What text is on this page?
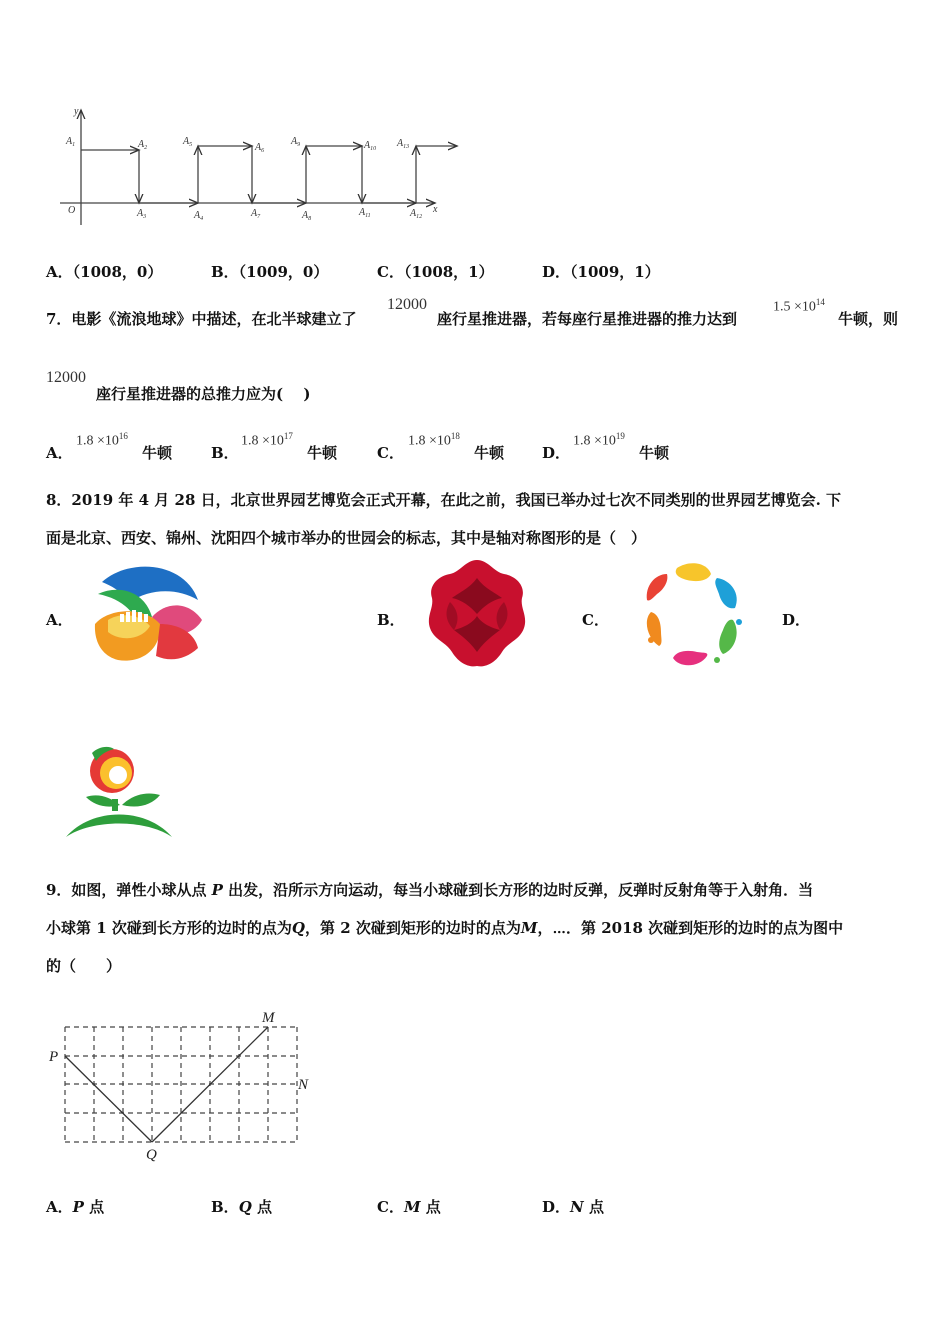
y
x
O
$A_1$	$A_2$
$A_3$	$A_4$
$A_5$	$A_6$
$A_7$	$A_8$
$A_9$	$A_{10}$
$A_{11}$	$A_{12}$
$A_{13}$
A．（1008，0）	B．（1009，0）	C．（1008，1）	D．（1009，1）
7．电影《流浪地球》中描述，在北半球建立了
12000
座行星推进器，若每座行星推进器的推力达到
$1.5 \times 10^{14}$
牛顿，则
12000
座行星推进器的总推力应为(　 )
A．
$1.8 \times 10^{16}$
牛顿	B．
$1.8 \times 10^{17}$
牛顿	C．
$1.8 \times 10^{18}$
牛顿	D．
$1.8 \times 10^{19}$
牛顿
8．2019 年 4 月 28 日，北京世界园艺博览会正式开幕，在此之前，我国已举办过七次不同类别的世界园艺博览会. 下
面是北京、西安、锦州、沈阳四个城市举办的世园会的标志，其中是轴对称图形的是（　）
A．	B．	C．	D．
9．如图，弹性小球从点 P 出发，沿所示方向运动，每当小球碰到长方形的边时反弹，反弹时反射角等于入射角．当
小球第 1 次碰到长方形的边时的点为Q，第 2 次碰到矩形的边时的点为M，⋯．第 2018 次碰到矩形的边时的点为图中
的（　　）
P
Q
M
N
A．P 点	B．Q 点	C．M 点	D．N 点
